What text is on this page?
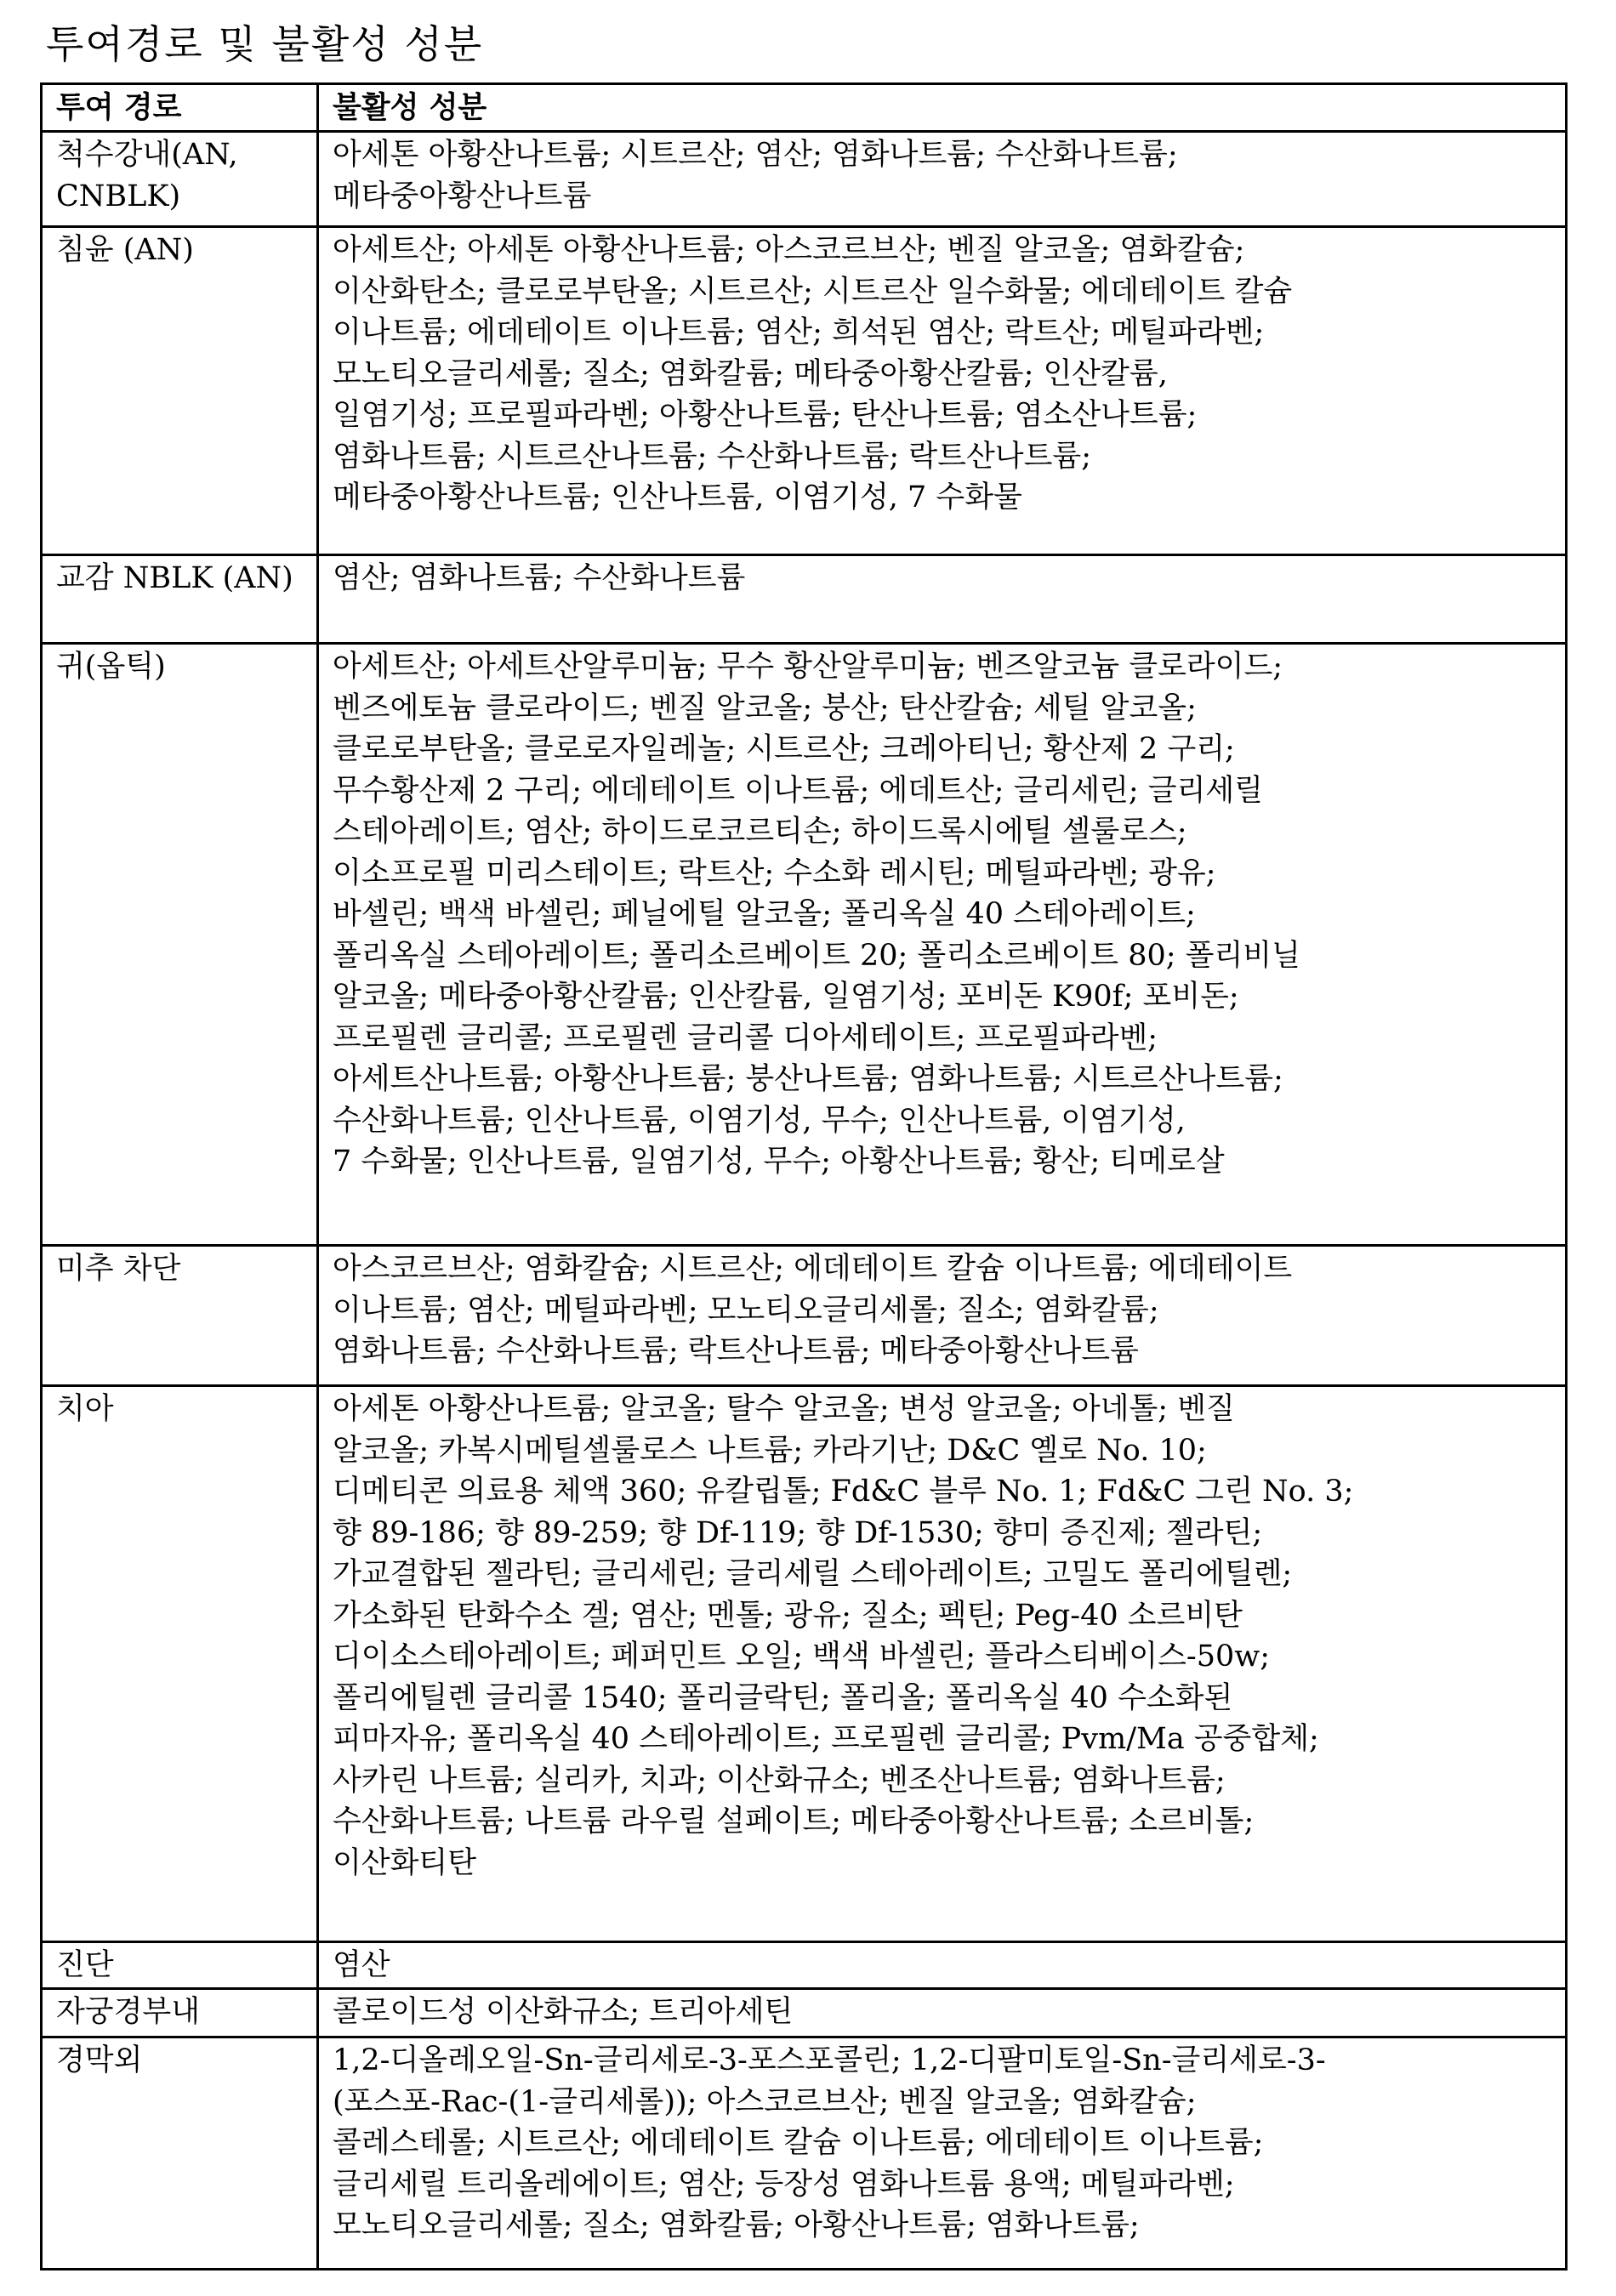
투여경로 및 불활성 성분
투여 경로	불활성 성분
척수강내(AN, CNBLK)	아세톤 아황산나트륨; 시트르산; 염산; 염화나트륨; 수산화나트륨;
메타중아황산나트륨

침윤 (AN)	아세트산; 아세톤 아황산나트륨; 아스코르브산; 벤질 알코올; 염화칼슘;
이산화탄소; 클로로부탄올; 시트르산; 시트르산 일수화물; 에데테이트 칼슘
이나트륨; 에데테이트 이나트륨; 염산; 희석된 염산; 락트산; 메틸파라벤;
모노티오글리세롤; 질소; 염화칼륨; 메타중아황산칼륨; 인산칼륨,
일염기성; 프로필파라벤; 아황산나트륨; 탄산나트륨; 염소산나트륨;
염화나트륨; 시트르산나트륨; 수산화나트륨; 락트산나트륨;
메타중아황산나트륨; 인산나트륨, 이염기성, 7 수화물

교감 NBLK (AN)	염산; 염화나트륨; 수산화나트륨

귀(옵틱)	아세트산; 아세트산알루미늄; 무수 황산알루미늄; 벤즈알코늄 클로라이드;
벤즈에토늄 클로라이드; 벤질 알코올; 붕산; 탄산칼슘; 세틸 알코올;
클로로부탄올; 클로로자일레놀; 시트르산; 크레아티닌; 황산제 2 구리;
무수황산제 2 구리; 에데테이트 이나트륨; 에데트산; 글리세린; 글리세릴
스테아레이트; 염산; 하이드로코르티손; 하이드록시에틸 셀룰로스;
이소프로필 미리스테이트; 락트산; 수소화 레시틴; 메틸파라벤; 광유;
바셀린; 백색 바셀린; 페닐에틸 알코올; 폴리옥실 40 스테아레이트;
폴리옥실 스테아레이트; 폴리소르베이트 20; 폴리소르베이트 80; 폴리비닐
알코올; 메타중아황산칼륨; 인산칼륨, 일염기성; 포비돈 K90f; 포비돈;
프로필렌 글리콜; 프로필렌 글리콜 디아세테이트; 프로필파라벤;
아세트산나트륨; 아황산나트륨; 붕산나트륨; 염화나트륨; 시트르산나트륨;
수산화나트륨; 인산나트륨, 이염기성, 무수; 인산나트륨, 이염기성,
7 수화물; 인산나트륨, 일염기성, 무수; 아황산나트륨; 황산; 티메로살

미추 차단	아스코르브산; 염화칼슘; 시트르산; 에데테이트 칼슘 이나트륨; 에데테이트
이나트륨; 염산; 메틸파라벤; 모노티오글리세롤; 질소; 염화칼륨;
염화나트륨; 수산화나트륨; 락트산나트륨; 메타중아황산나트륨

치아	아세톤 아황산나트륨; 알코올; 탈수 알코올; 변성 알코올; 아네톨; 벤질
알코올; 카복시메틸셀룰로스 나트륨; 카라기난; D&C 옐로 No. 10;
디메티콘 의료용 체액 360; 유칼립톨; Fd&C 블루 No. 1; Fd&C 그린 No. 3;
향 89-186; 향 89-259; 향 Df-119; 향 Df-1530; 향미 증진제; 젤라틴;
가교결합된 젤라틴; 글리세린; 글리세릴 스테아레이트; 고밀도 폴리에틸렌;
가소화된 탄화수소 겔; 염산; 멘톨; 광유; 질소; 펙틴; Peg-40 소르비탄
디이소스테아레이트; 페퍼민트 오일; 백색 바셀린; 플라스티베이스-50w;
폴리에틸렌 글리콜 1540; 폴리글락틴; 폴리올; 폴리옥실 40 수소화된
피마자유; 폴리옥실 40 스테아레이트; 프로필렌 글리콜; Pvm/Ma 공중합체;
사카린 나트륨; 실리카, 치과; 이산화규소; 벤조산나트륨; 염화나트륨;
수산화나트륨; 나트륨 라우릴 설페이트; 메타중아황산나트륨; 소르비톨;
이산화티탄

진단	염산

자궁경부내	콜로이드성 이산화규소; 트리아세틴

경막외	1,2-디올레오일-Sn-글리세로-3-포스포콜린; 1,2-디팔미토일-Sn-글리세로-3-
(포스포-Rac-(1-글리세롤)); 아스코르브산; 벤질 알코올; 염화칼슘;
콜레스테롤; 시트르산; 에데테이트 칼슘 이나트륨; 에데테이트 이나트륨;
글리세릴 트리올레에이트; 염산; 등장성 염화나트륨 용액; 메틸파라벤;
모노티오글리세롤; 질소; 염화칼륨; 아황산나트륨; 염화나트륨;
